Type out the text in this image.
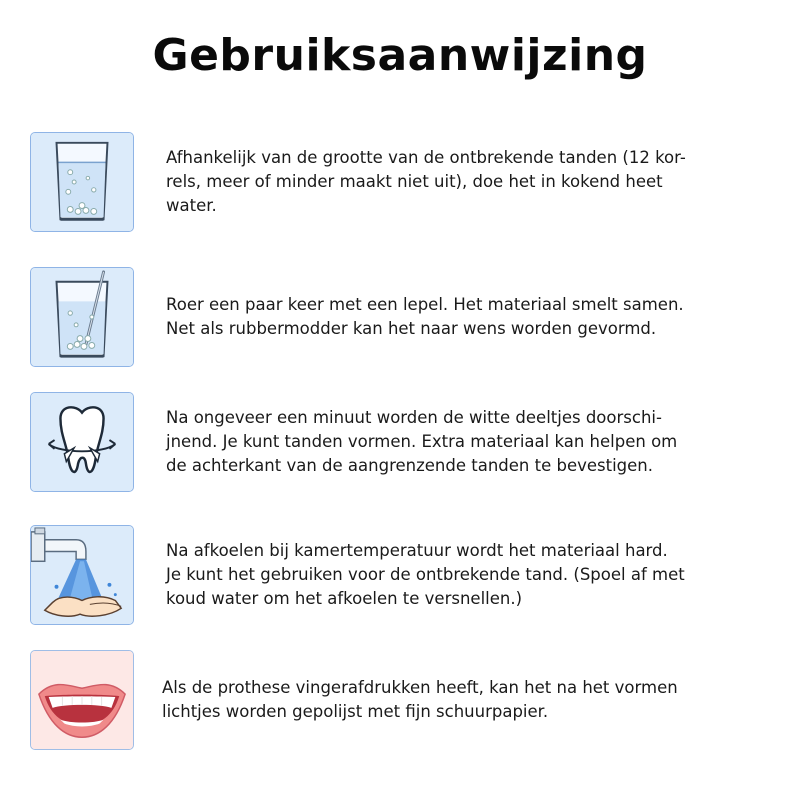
Gebruiksaanwijzing
Afhankelijk van de grootte van de ontbrekende tanden (12 kor-
rels, meer of minder maakt niet uit), doe het in kokend heet
water.
Roer een paar keer met een lepel. Het materiaal smelt samen.
Net als rubbermodder kan het naar wens worden gevormd.
Na ongeveer een minuut worden de witte deeltjes doorschi-
jnend. Je kunt tanden vormen. Extra materiaal kan helpen om
de achterkant van de aangrenzende tanden te bevestigen.
Na afkoelen bij kamertemperatuur wordt het materiaal hard.
Je kunt het gebruiken voor de ontbrekende tand. (Spoel af met
koud water om het afkoelen te versnellen.)
Als de prothese vingerafdrukken heeft, kan het na het vormen
lichtjes worden gepolijst met fijn schuurpapier.
